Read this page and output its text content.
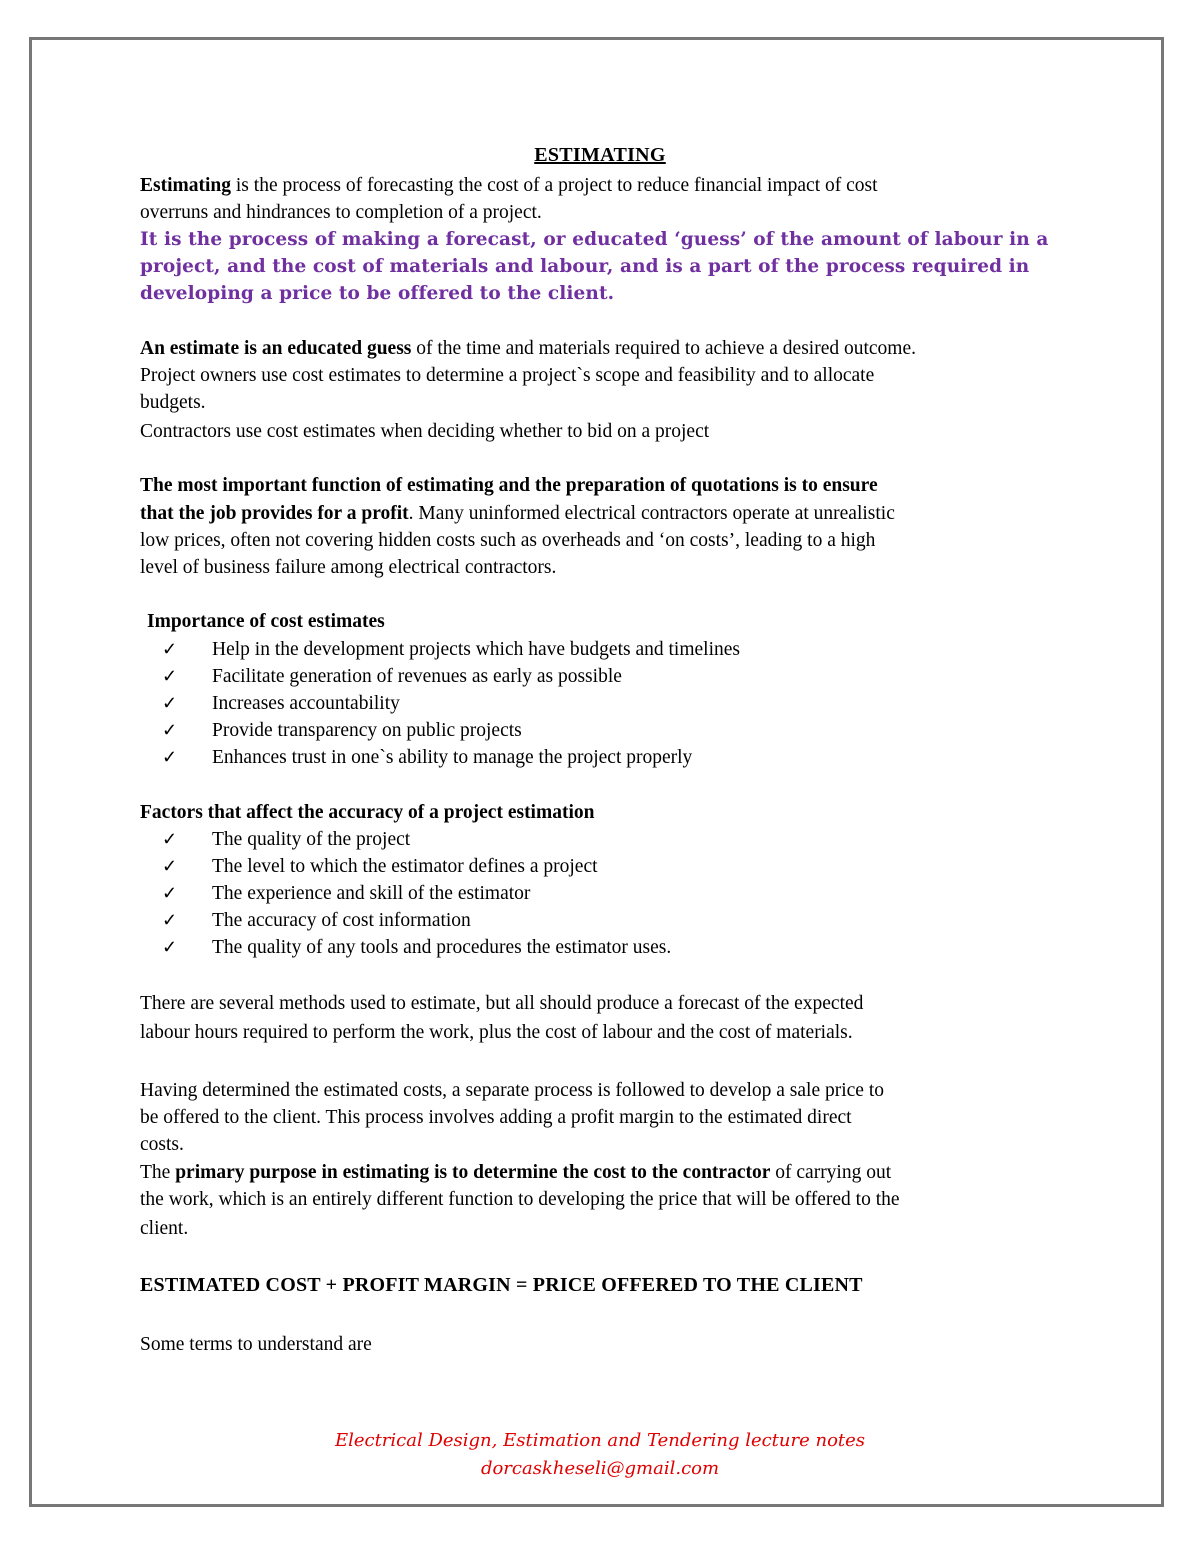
ESTIMATING
Estimating is the process of forecasting the cost of a project to reduce financial impact of cost
overruns and hindrances to completion of a project.
It is the process of making a forecast, or educated ‘guess’ of the amount of labour in a
project, and the cost of materials and labour, and is a part of the process required in
developing a price to be offered to the client.
An estimate is an educated guess of the time and materials required to achieve a desired outcome.
Project owners use cost estimates to determine a project`s scope and feasibility and to allocate
budgets.
Contractors use cost estimates when deciding whether to bid on a project
The most important function of estimating and the preparation of quotations is to ensure
that the job provides for a profit. Many uninformed electrical contractors operate at unrealistic
low prices, often not covering hidden costs such as overheads and ‘on costs’, leading to a high
level of business failure among electrical contractors.
Importance of cost estimates
✓ Help in the development projects which have budgets and timelines
✓ Facilitate generation of revenues as early as possible
✓ Increases accountability
✓ Provide transparency on public projects
✓ Enhances trust in one`s ability to manage the project properly
Factors that affect the accuracy of a project estimation
✓ The quality of the project
✓ The level to which the estimator defines a project
✓ The experience and skill of the estimator
✓ The accuracy of cost information
✓ The quality of any tools and procedures the estimator uses.
There are several methods used to estimate, but all should produce a forecast of the expected
labour hours required to perform the work, plus the cost of labour and the cost of materials.
Having determined the estimated costs, a separate process is followed to develop a sale price to
be offered to the client. This process involves adding a profit margin to the estimated direct
costs.
The primary purpose in estimating is to determine the cost to the contractor of carrying out
the work, which is an entirely different function to developing the price that will be offered to the
client.
ESTIMATED COST + PROFIT MARGIN = PRICE OFFERED TO THE CLIENT
Some terms to understand are
Electrical Design, Estimation and Tendering lecture notes
dorcaskheseli@gmail.com
